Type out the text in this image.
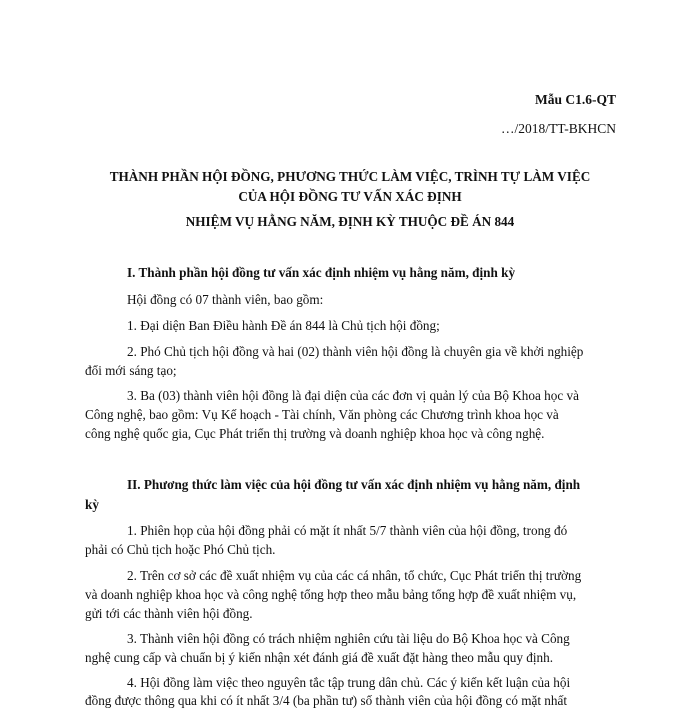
Mẫu C1.6-QT
…/2018/TT-BKHCN
THÀNH PHẦN HỘI ĐỒNG, PHƯƠNG THỨC LÀM VIỆC, TRÌNH TỰ LÀM VIỆC
CỦA HỘI ĐỒNG TƯ VẤN XÁC ĐỊNH
NHIỆM VỤ HẰNG NĂM, ĐỊNH KỲ THUỘC ĐỀ ÁN 844
I. Thành phần hội đồng tư vấn xác định nhiệm vụ hằng năm, định kỳ
Hội đồng có 07 thành viên, bao gồm:
1. Đại diện Ban Điều hành Đề án 844 là Chủ tịch hội đồng;
2. Phó Chủ tịch hội đồng và hai (02) thành viên hội đồng là chuyên gia về khởi nghiệp
đổi mới sáng tạo;
3. Ba (03) thành viên hội đồng là đại diện của các đơn vị quản lý của Bộ Khoa học và
Công nghệ, bao gồm: Vụ Kế hoạch - Tài chính, Văn phòng các Chương trình khoa học và
công nghệ quốc gia, Cục Phát triển thị trường và doanh nghiệp khoa học và công nghệ.
II. Phương thức làm việc của hội đồng tư vấn xác định nhiệm vụ hằng năm, định
kỳ
1. Phiên họp của hội đồng phải có mặt ít nhất 5/7 thành viên của hội đồng, trong đó
phải có Chủ tịch hoặc Phó Chủ tịch.
2. Trên cơ sở các đề xuất nhiệm vụ của các cá nhân, tổ chức, Cục Phát triển thị trường
và doanh nghiệp khoa học và công nghệ tổng hợp theo mẫu bảng tổng hợp đề xuất nhiệm vụ,
gửi tới các thành viên hội đồng.
3. Thành viên hội đồng có trách nhiệm nghiên cứu tài liệu do Bộ Khoa học và Công
nghệ cung cấp và chuẩn bị ý kiến nhận xét đánh giá đề xuất đặt hàng theo mẫu quy định.
4. Hội đồng làm việc theo nguyên tắc tập trung dân chủ. Các ý kiến kết luận của hội
đồng được thông qua khi có ít nhất 3/4 (ba phần tư) số thành viên của hội đồng có mặt nhất
